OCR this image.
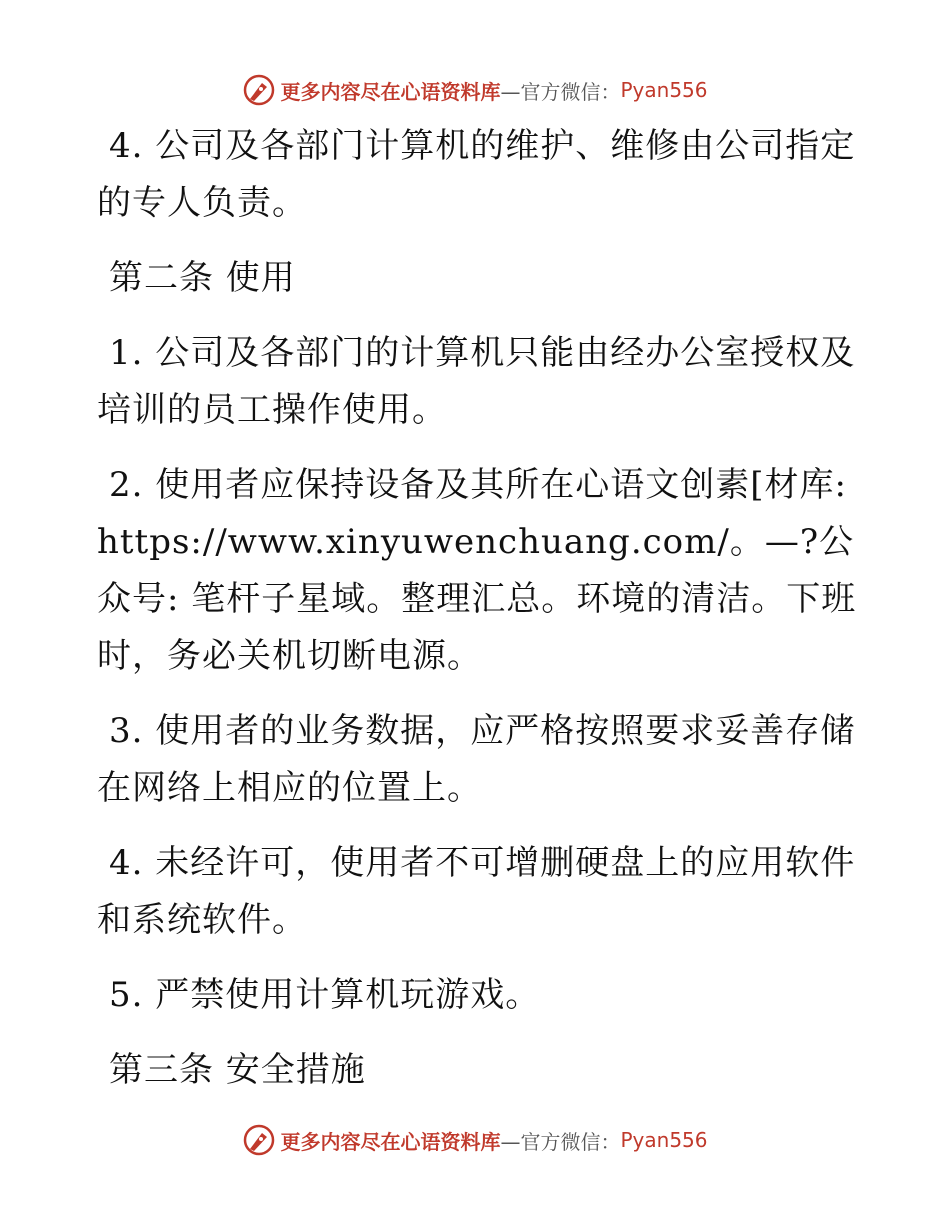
更多内容尽在心语资料库 —官方微信： Pyan556

4. 公司及各部门计算机的维护、维修由公司指定的专人负责。

第二条 使用

1. 公司及各部门的计算机只能由经办公室授权及培训的员工操作使用。

2. 使用者应保持设备及其所在心语文创素[材库: https://www.xinyuwenchuang.com/。—?公众号: 笔杆子星域。整理汇总。环境的清洁。下班时，务必关机切断电源。

3. 使用者的业务数据，应严格按照要求妥善存储在网络上相应的位置上。

4. 未经许可，使用者不可增删硬盘上的应用软件和系统软件。

5. 严禁使用计算机玩游戏。

第三条 安全措施

更多内容尽在心语资料库 —官方微信： Pyan556
